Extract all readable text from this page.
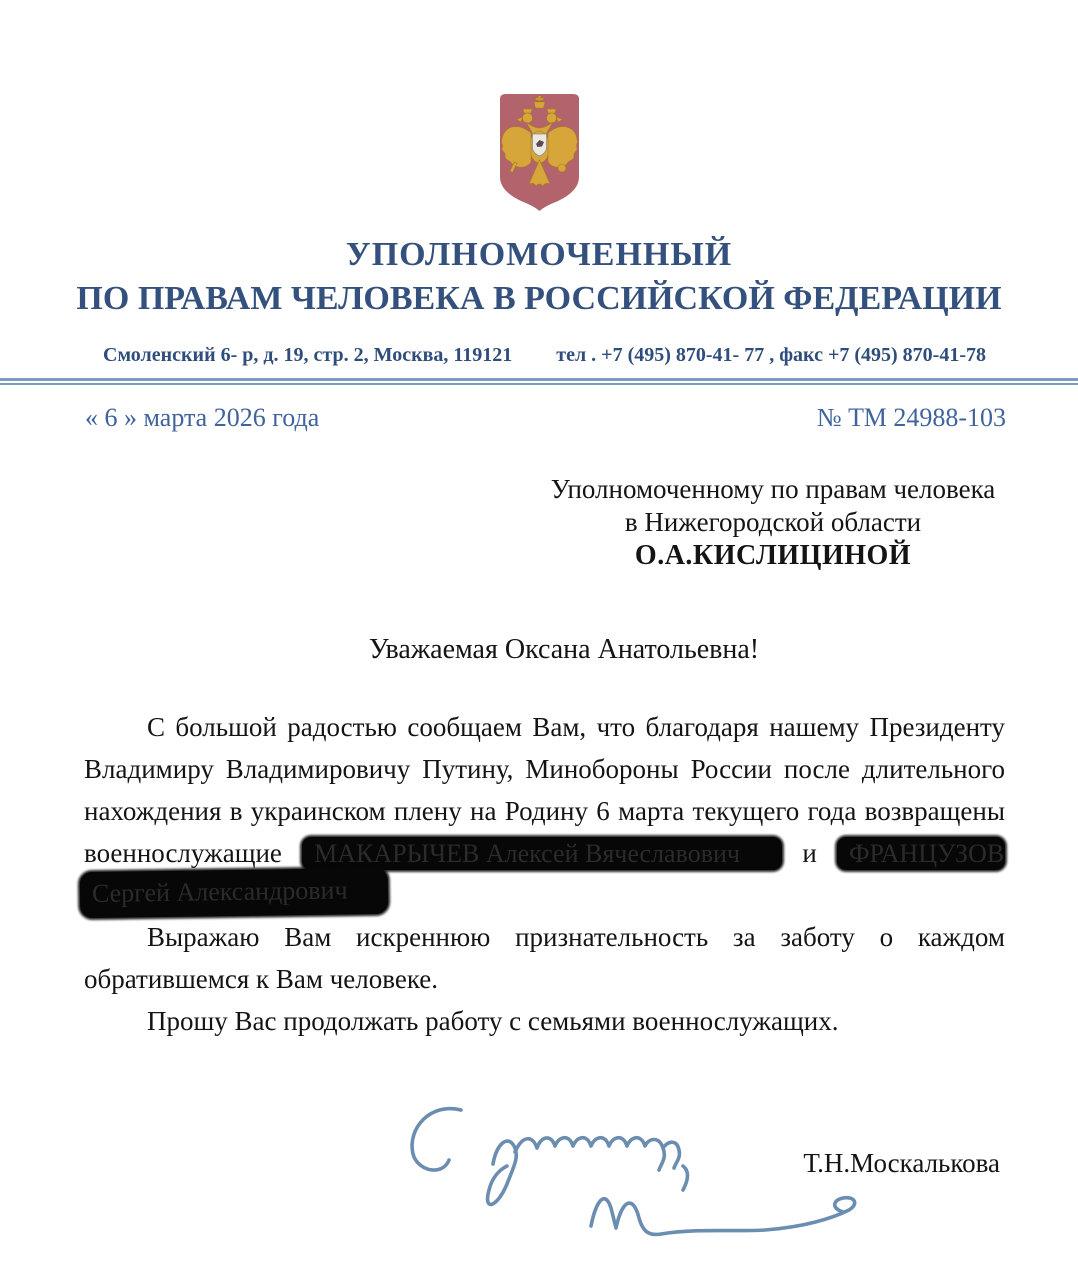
УПОЛНОМОЧЕННЫЙ
ПО ПРАВАМ ЧЕЛОВЕКА В РОССИЙСКОЙ ФЕДЕРАЦИИ
Смоленский 6- р, д. 19, стр. 2, Москва, 119121 тел . +7 (495) 870-41- 77 , факс +7 (495) 870-41-78
« 6 » марта 2026 года	№ ТМ 24988-103
Уполномоченному по правам человека
в Нижегородской области
О.А.КИСЛИЦИНОЙ
Уважаемая Оксана Анатольевна!
С большой радостью сообщаем Вам, что благодаря нашему Президенту
Владимиру Владимировичу Путину, Минобороны России после длительного
нахождения в украинском плену на Родину 6 марта текущего года возвращены
военнослужащие	МАКАРЫЧЕВ Алексей Вячеславович	и	ФРАНЦУЗОВ
Сергей Александрович
Выражаю Вам искреннюю признательность за заботу о каждом
обратившемся к Вам человеке.
Прошу Вас продолжать работу с семьями военнослужащих.
Т.Н.Москалькова
